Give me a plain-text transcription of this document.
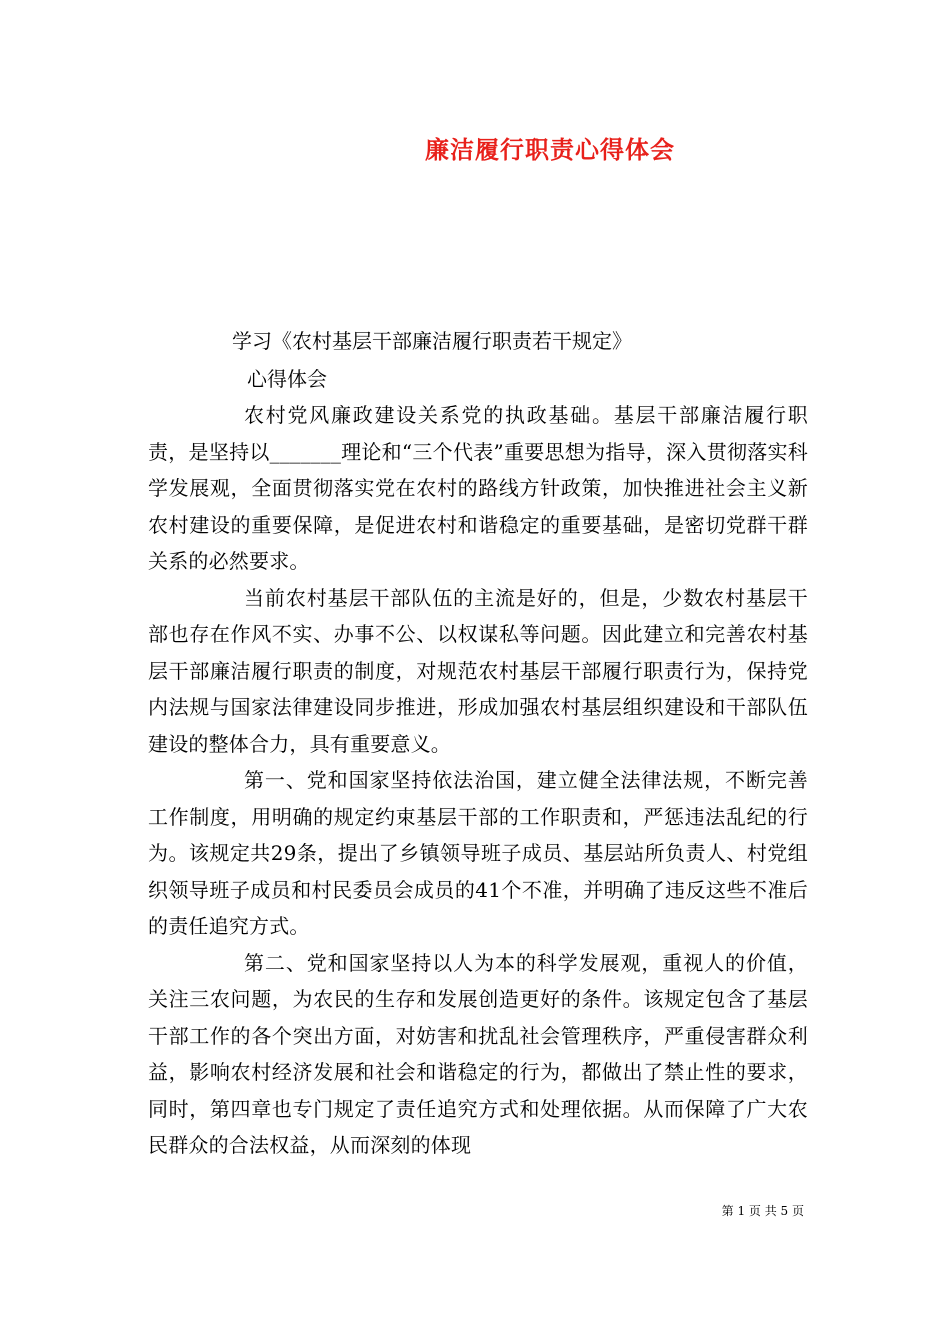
廉洁履行职责心得体会
学习《农村基层干部廉洁履行职责若干规定》
心得体会

农村党风廉政建设关系党的执政基础。基层干部廉洁履行职责，是坚持以_______理论和“三个代表”重要思想为指导，深入贯彻落实科学发展观，全面贯彻落实党在农村的路线方针政策，加快推进社会主义新农村建设的重要保障，是促进农村和谐稳定的重要基础，是密切党群干群关系的必然要求。

当前农村基层干部队伍的主流是好的，但是，少数农村基层干部也存在作风不实、办事不公、以权谋私等问题。因此建立和完善农村基层干部廉洁履行职责的制度，对规范农村基层干部履行职责行为，保持党内法规与国家法律建设同步推进，形成加强农村基层组织建设和干部队伍建设的整体合力，具有重要意义。

第一、党和国家坚持依法治国，建立健全法律法规，不断完善工作制度，用明确的规定约束基层干部的工作职责和，严惩违法乱纪的行为。该规定共29条，提出了乡镇领导班子成员、基层站所负责人、村党组织领导班子成员和村民委员会成员的41个不准，并明确了违反这些不准后的责任追究方式。

第二、党和国家坚持以人为本的科学发展观，重视人的价值，关注三农问题，为农民的生存和发展创造更好的条件。该规定包含了基层干部工作的各个突出方面，对妨害和扰乱社会管理秩序，严重侵害群众利益，影响农村经济发展和社会和谐稳定的行为，都做出了禁止性的要求，同时，第四章也专门规定了责任追究方式和处理依据。从而保障了广大农民群众的合法权益，从而深刻的体现

第 1 页 共 5 页
